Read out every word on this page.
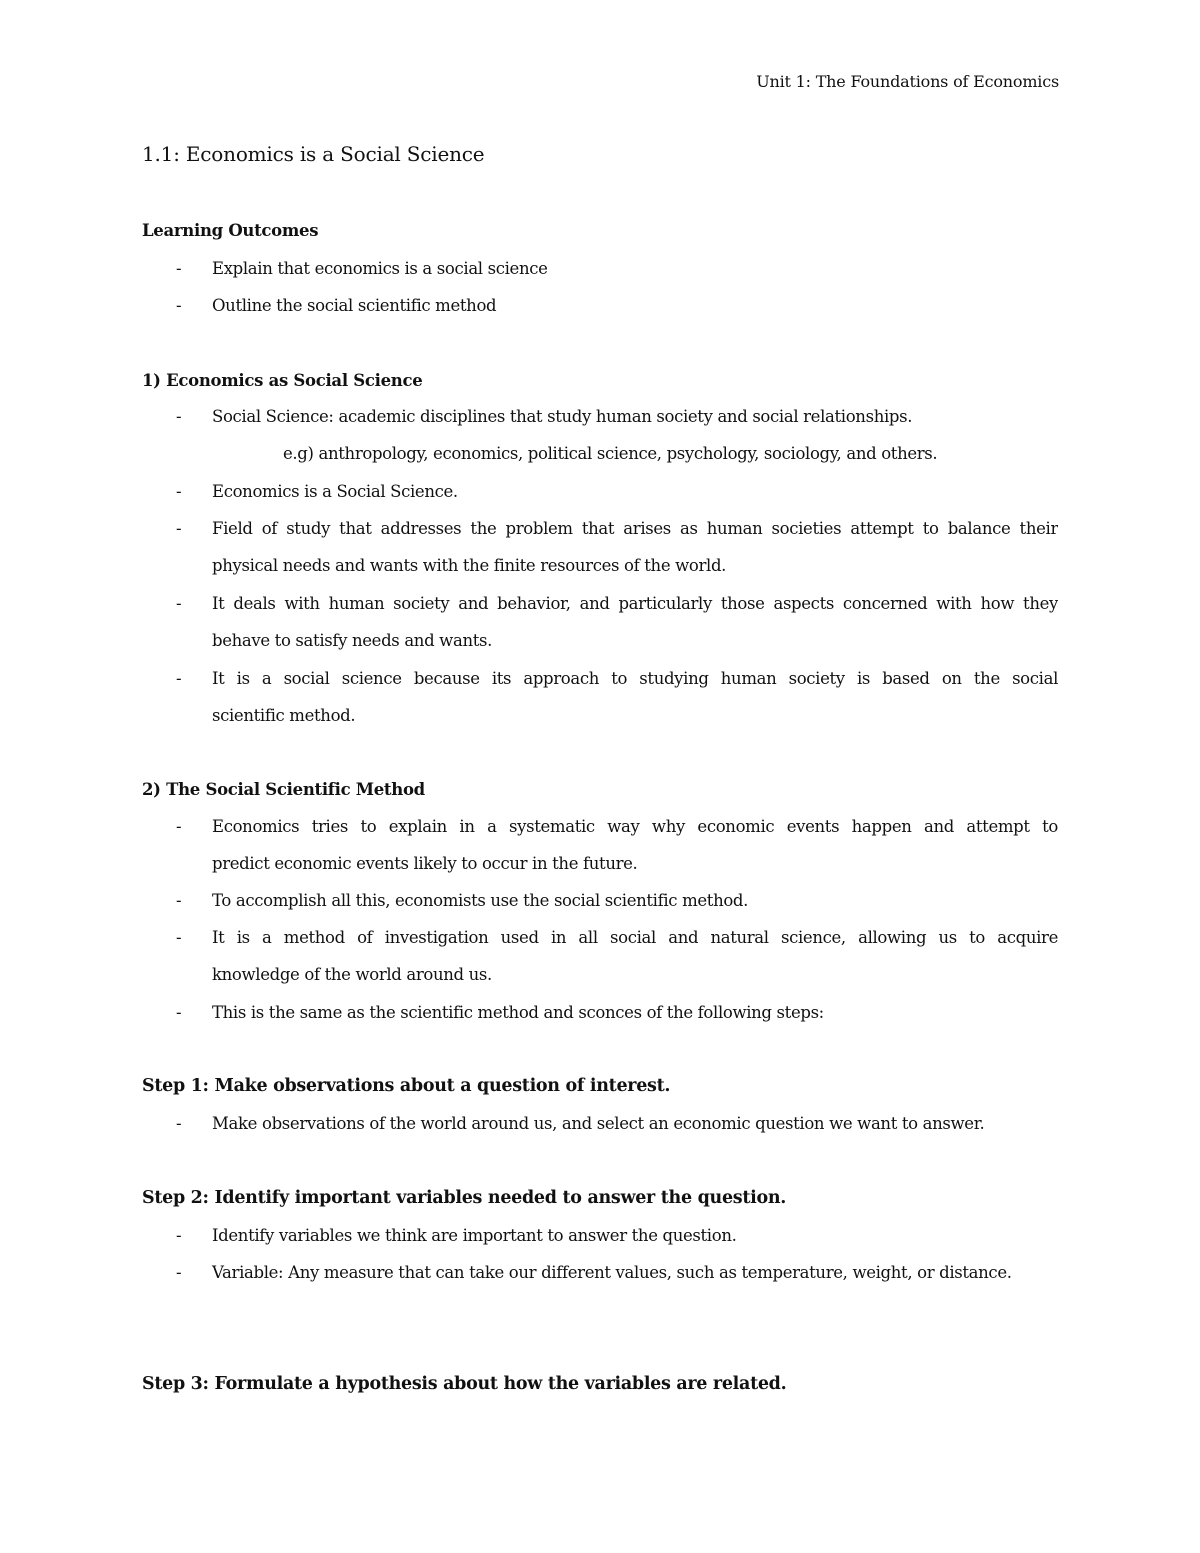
Unit 1: The Foundations of Economics
1.1: Economics is a Social Science
Learning Outcomes
- Explain that economics is a social science
- Outline the social scientific method
1) Economics as Social Science
- Social Science: academic disciplines that study human society and social relationships.
e.g) anthropology, economics, political science, psychology, sociology, and others.
- Economics is a Social Science.
- Field of study that addresses the problem that arises as human societies attempt to balance their
physical needs and wants with the finite resources of the world.
- It deals with human society and behavior, and particularly those aspects concerned with how they
behave to satisfy needs and wants.
- It is a social science because its approach to studying human society is based on the social
scientific method.
2) The Social Scientific Method
- Economics tries to explain in a systematic way why economic events happen and attempt to
predict economic events likely to occur in the future.
- To accomplish all this, economists use the social scientific method.
- It is a method of investigation used in all social and natural science, allowing us to acquire
knowledge of the world around us.
- This is the same as the scientific method and sconces of the following steps:
Step 1: Make observations about a question of interest.
- Make observations of the world around us, and select an economic question we want to answer.
Step 2: Identify important variables needed to answer the question.
- Identify variables we think are important to answer the question.
- Variable: Any measure that can take our different values, such as temperature, weight, or distance.
Step 3: Formulate a hypothesis about how the variables are related.
